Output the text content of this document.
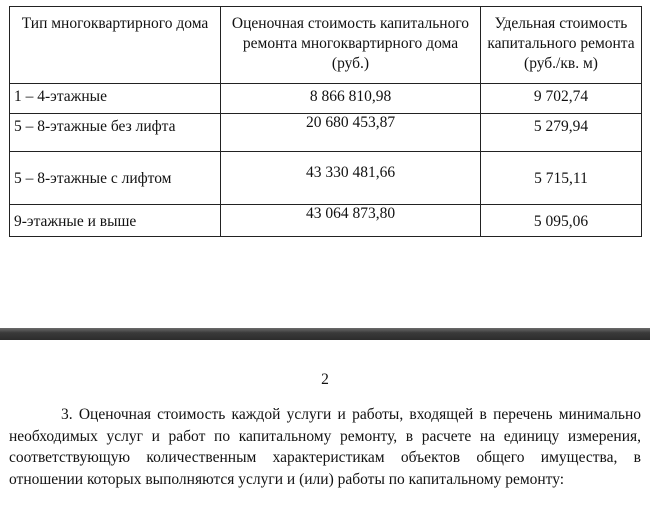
Тип многоквартирного дома	Оценочная стоимость капитального ремонта многоквартирного дома (руб.)	Удельная стоимость капитального ремонта (руб./кв. м)
1 – 4-этажные	8 866 810,98	9 702,74
5 – 8-этажные без лифта	20 680 453,87	5 279,94
5 – 8-этажные с лифтом	43 330 481,66	5 715,11
9-этажные и выше	43 064 873,80	5 095,06
2

3. Оценочная стоимость каждой услуги и работы, входящей в перечень минимально необходимых услуг и работ по капитальному ремонту, в расчете на единицу измерения, соответствующую количественным характеристикам объектов общего имущества, в отношении которых выполняются услуги и (или) работы по капитальному ремонту:
